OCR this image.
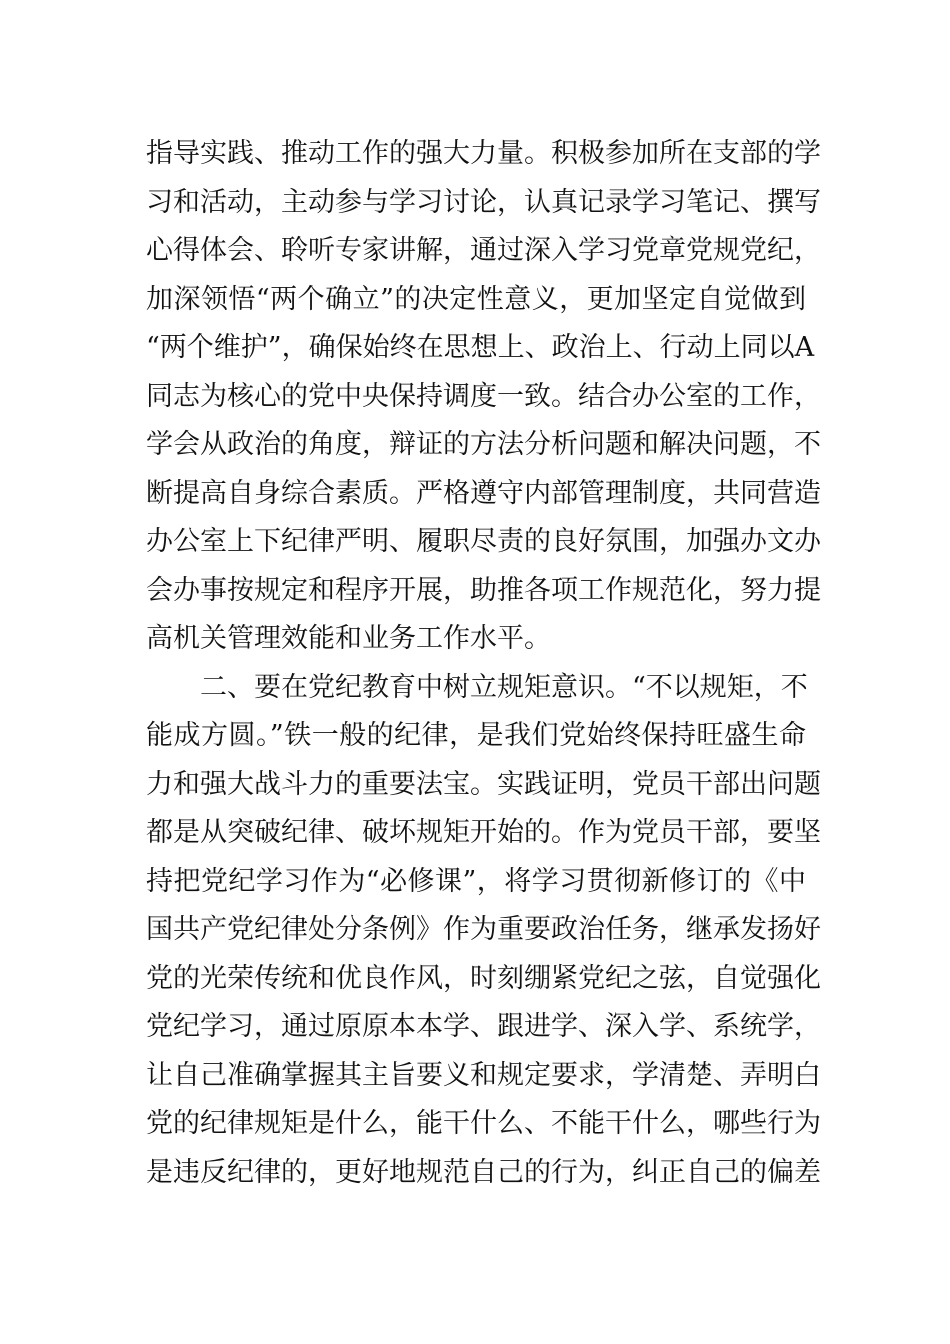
指导实践、推动工作的强大力量。积极参加所在支部的学
习和活动，主动参与学习讨论，认真记录学习笔记、撰写
心得体会、聆听专家讲解，通过深入学习党章党规党纪，
加深领悟“两个确立”的决定性意义，更加坚定自觉做到
“两个维护”，确保始终在思想上、政治上、行动上同以A
同志为核心的党中央保持调度一致。结合办公室的工作，
学会从政治的角度，辩证的方法分析问题和解决问题，不
断提高自身综合素质。严格遵守内部管理制度，共同营造
办公室上下纪律严明、履职尽责的良好氛围，加强办文办
会办事按规定和程序开展，助推各项工作规范化，努力提
高机关管理效能和业务工作水平。
二、要在党纪教育中树立规矩意识。“不以规矩，不
能成方圆。”铁一般的纪律，是我们党始终保持旺盛生命
力和强大战斗力的重要法宝。实践证明，党员干部出问题
都是从突破纪律、破坏规矩开始的。作为党员干部，要坚
持把党纪学习作为“必修课”，将学习贯彻新修订的《中
国共产党纪律处分条例》作为重要政治任务，继承发扬好
党的光荣传统和优良作风，时刻绷紧党纪之弦，自觉强化
党纪学习，通过原原本本学、跟进学、深入学、系统学，
让自己准确掌握其主旨要义和规定要求，学清楚、弄明白
党的纪律规矩是什么，能干什么、不能干什么，哪些行为
是违反纪律的，更好地规范自己的行为，纠正自己的偏差
